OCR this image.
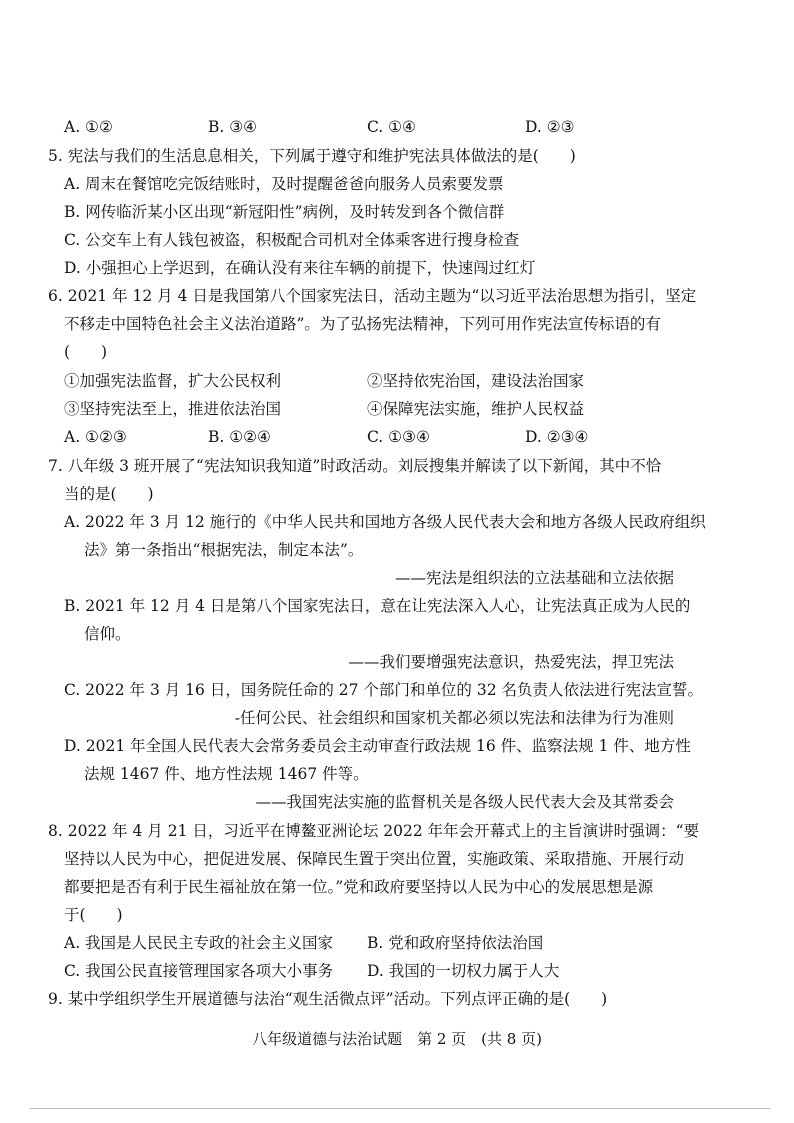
A. ①②	B. ③④	C. ①④	D. ②③
5. 宪法与我们的生活息息相关，下列属于遵守和维护宪法具体做法的是(　　)
A. 周末在餐馆吃完饭结账时，及时提醒爸爸向服务人员索要发票
B. 网传临沂某小区出现“新冠阳性”病例，及时转发到各个微信群
C. 公交车上有人钱包被盗，积极配合司机对全体乘客进行搜身检查
D. 小强担心上学迟到，在确认没有来往车辆的前提下，快速闯过红灯
6. 2021 年 12 月 4 日是我国第八个国家宪法日，活动主题为“以习近平法治思想为指引，坚定
不移走中国特色社会主义法治道路”。为了弘扬宪法精神，下列可用作宪法宣传标语的有
(　　)
①加强宪法监督，扩大公民权利	②坚持依宪治国，建设法治国家
③坚持宪法至上，推进依法治国	④保障宪法实施，维护人民权益
A. ①②③	B. ①②④	C. ①③④	D. ②③④
7. 八年级 3 班开展了“宪法知识我知道”时政活动。刘辰搜集并解读了以下新闻，其中不恰
当的是(　　)
A. 2022 年 3 月 12 施行的《中华人民共和国地方各级人民代表大会和地方各级人民政府组织
法》第一条指出“根据宪法，制定本法”。
——宪法是组织法的立法基础和立法依据
B. 2021 年 12 月 4 日是第八个国家宪法日，意在让宪法深入人心，让宪法真正成为人民的
信仰。
——我们要增强宪法意识，热爱宪法，捍卫宪法
C. 2022 年 3 月 16 日，国务院任命的 27 个部门和单位的 32 名负责人依法进行宪法宣誓。
-任何公民、社会组织和国家机关都必须以宪法和法律为行为准则
D. 2021 年全国人民代表大会常务委员会主动审查行政法规 16 件、监察法规 1 件、地方性
法规 1467 件、地方性法规 1467 件等。
——我国宪法实施的监督机关是各级人民代表大会及其常委会
8. 2022 年 4 月 21 日，习近平在博鳌亚洲论坛 2022 年年会开幕式上的主旨演讲时强调：“要
坚持以人民为中心，把促进发展、保障民生置于突出位置，实施政策、采取措施、开展行动
都要把是否有利于民生福祉放在第一位。”党和政府要坚持以人民为中心的发展思想是源
于(　　)
A. 我国是人民民主专政的社会主义国家 B. 党和政府坚持依法治国
C. 我国公民直接管理国家各项大小事务 D. 我国的一切权力属于人大
9. 某中学组织学生开展道德与法治“观生活微点评”活动。下列点评正确的是(　　)
八年级道德与法治试题　第 2 页　(共 8 页)
